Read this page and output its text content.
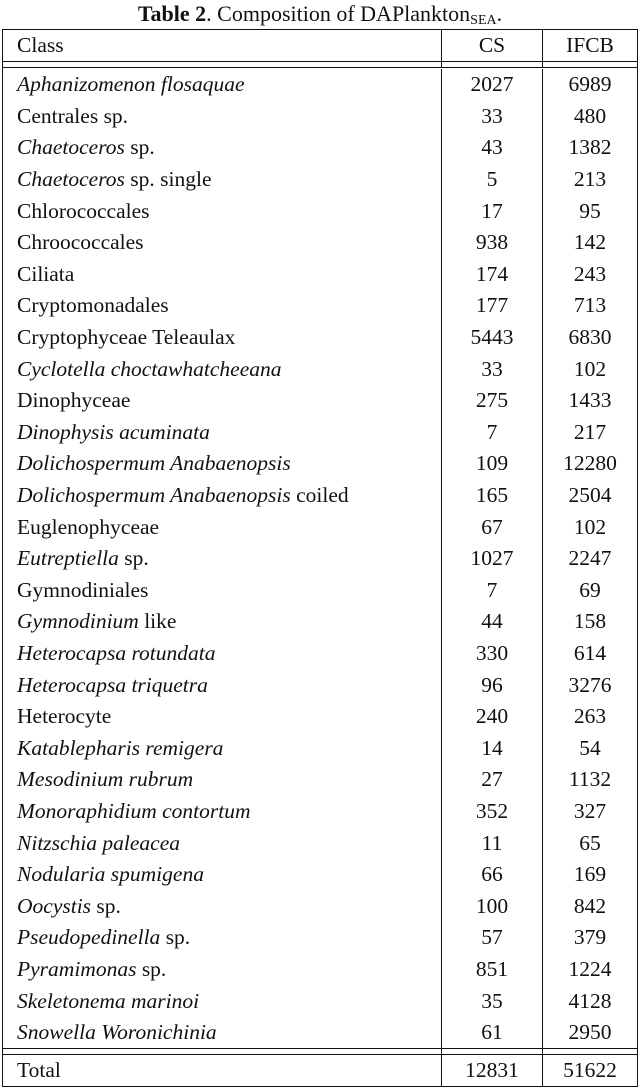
Table 2. Composition of DAPlankton$_{SEA}$.
Class	CS	IFCB
Aphanizomenon flosaquae	2027	6989
Centrales sp.	33	480
Chaetoceros sp.	43	1382
Chaetoceros sp. single	5	213
Chlorococcales	17	95
Chroococcales	938	142
Ciliata	174	243
Cryptomonadales	177	713
Cryptophyceae Teleaulax	5443	6830
Cyclotella choctawhatcheeana	33	102
Dinophyceae	275	1433
Dinophysis acuminata	7	217
Dolichospermum Anabaenopsis	109	12280
Dolichospermum Anabaenopsis coiled	165	2504
Euglenophyceae	67	102
Eutreptiella sp.	1027	2247
Gymnodiniales	7	69
Gymnodinium like	44	158
Heterocapsa rotundata	330	614
Heterocapsa triquetra	96	3276
Heterocyte	240	263
Katablepharis remigera	14	54
Mesodinium rubrum	27	1132
Monoraphidium contortum	352	327
Nitzschia paleacea	11	65
Nodularia spumigena	66	169
Oocystis sp.	100	842
Pseudopedinella sp.	57	379
Pyramimonas sp.	851	1224
Skeletonema marinoi	35	4128
Snowella Woronichinia	61	2950
Total	12831	51622
